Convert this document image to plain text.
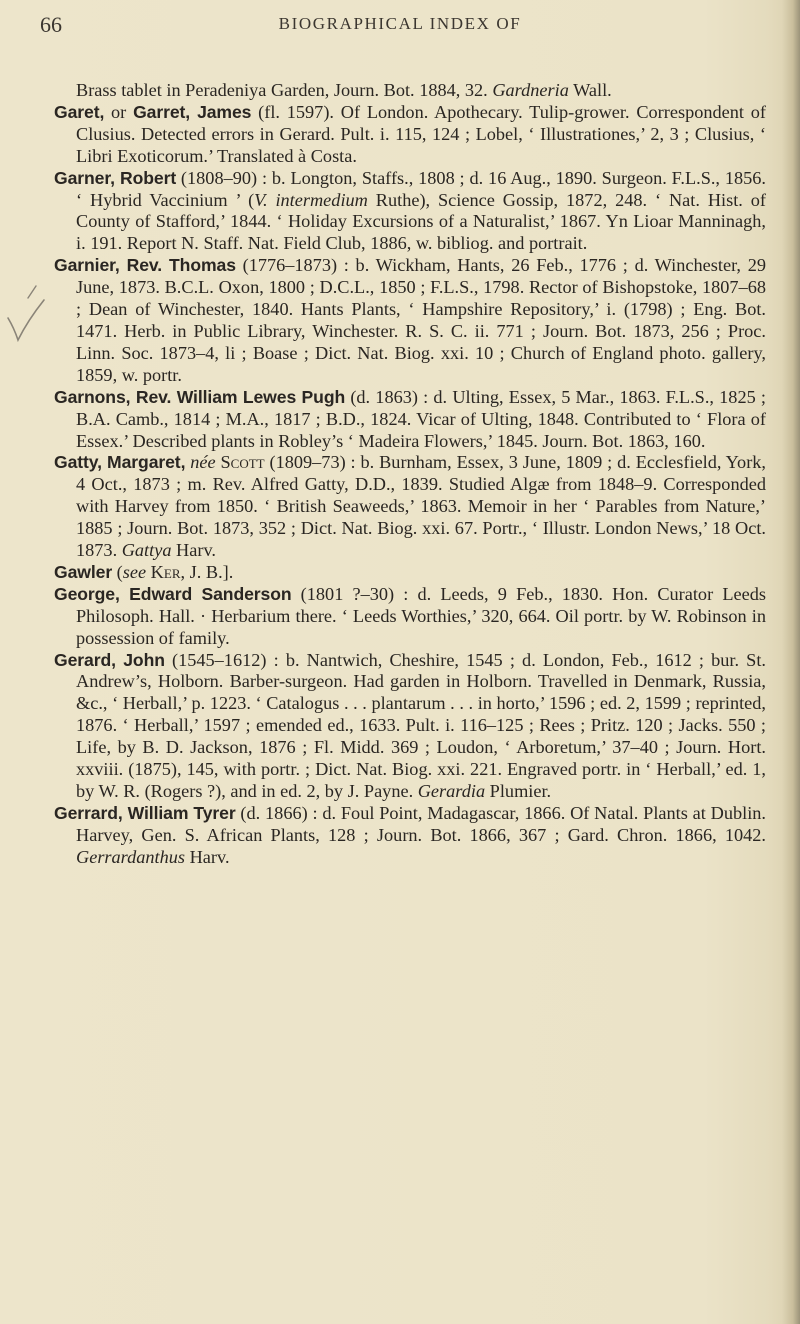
66	BIOGRAPHICAL INDEX OF

Brass tablet in Peradeniya Garden, Journ. Bot. 1884, 32. Gardneria Wall.

Garet, or Garret, James (fl. 1597). Of London. Apothecary. Tulip-grower. Correspondent of Clusius. Detected errors in Gerard. Pult. i. 115, 124 ; Lobel, ‘ Illustrationes,’ 2, 3 ; Clusius, ‘ Libri Exoticorum.’ Translated à Costa.

Garner, Robert (1808–90) : b. Longton, Staffs., 1808 ; d. 16 Aug., 1890. Surgeon. F.L.S., 1856. ‘ Hybrid Vaccinium ’ (V. intermedium Ruthe), Science Gossip, 1872, 248. ‘ Nat. Hist. of County of Stafford,’ 1844. ‘ Holiday Excursions of a Naturalist,’ 1867. Yn Lioar Manninagh, i. 191. Report N. Staff. Nat. Field Club, 1886, w. bibliog. and portrait.

Garnier, Rev. Thomas (1776–1873) : b. Wickham, Hants, 26 Feb., 1776 ; d. Winchester, 29 June, 1873. B.C.L. Oxon, 1800 ; D.C.L., 1850 ; F.L.S., 1798. Rector of Bishopstoke, 1807–68 ; Dean of Winchester, 1840. Hants Plants, ‘ Hampshire Repository,’ i. (1798) ; Eng. Bot. 1471. Herb. in Public Library, Winchester. R. S. C. ii. 771 ; Journ. Bot. 1873, 256 ; Proc. Linn. Soc. 1873–4, li ; Boase ; Dict. Nat. Biog. xxi. 10 ; Church of England photo. gallery, 1859, w. portr.

Garnons, Rev. William Lewes Pugh (d. 1863) : d. Ulting, Essex, 5 Mar., 1863. F.L.S., 1825 ; B.A. Camb., 1814 ; M.A., 1817 ; B.D., 1824. Vicar of Ulting, 1848. Contributed to ‘ Flora of Essex.’ Described plants in Robley’s ‘ Madeira Flowers,’ 1845. Journ. Bot. 1863, 160.

Gatty, Margaret, née Scott (1809–73) : b. Burnham, Essex, 3 June, 1809 ; d. Ecclesfield, York, 4 Oct., 1873 ; m. Rev. Alfred Gatty, D.D., 1839. Studied Algæ from 1848–9. Corresponded with Harvey from 1850. ‘ British Seaweeds,’ 1863. Memoir in her ‘ Parables from Nature,’ 1885 ; Journ. Bot. 1873, 352 ; Dict. Nat. Biog. xxi. 67. Portr., ‘ Illustr. London News,’ 18 Oct. 1873. Gattya Harv.

Gawler (see Ker, J. B.].

George, Edward Sanderson (1801 ?–30) : d. Leeds, 9 Feb., 1830. Hon. Curator Leeds Philosoph. Hall. · Herbarium there. ‘ Leeds Worthies,’ 320, 664. Oil portr. by W. Robinson in possession of family.

Gerard, John (1545–1612) : b. Nantwich, Cheshire, 1545 ; d. London, Feb., 1612 ; bur. St. Andrew’s, Holborn. Barber-surgeon. Had garden in Holborn. Travelled in Denmark, Russia, &c., ‘ Herball,’ p. 1223. ‘ Catalogus . . . plantarum . . . in horto,’ 1596 ; ed. 2, 1599 ; reprinted, 1876. ‘ Herball,’ 1597 ; emended ed., 1633. Pult. i. 116–125 ; Rees ; Pritz. 120 ; Jacks. 550 ; Life, by B. D. Jackson, 1876 ; Fl. Midd. 369 ; Loudon, ‘ Arboretum,’ 37–40 ; Journ. Hort. xxviii. (1875), 145, with portr. ; Dict. Nat. Biog. xxi. 221. Engraved portr. in ‘ Herball,’ ed. 1, by W. R. (Rogers ?), and in ed. 2, by J. Payne. Gerardia Plumier.

Gerrard, William Tyrer (d. 1866) : d. Foul Point, Madagascar, 1866. Of Natal. Plants at Dublin. Harvey, Gen. S. African Plants, 128 ; Journ. Bot. 1866, 367 ; Gard. Chron. 1866, 1042. Gerrardanthus Harv.
